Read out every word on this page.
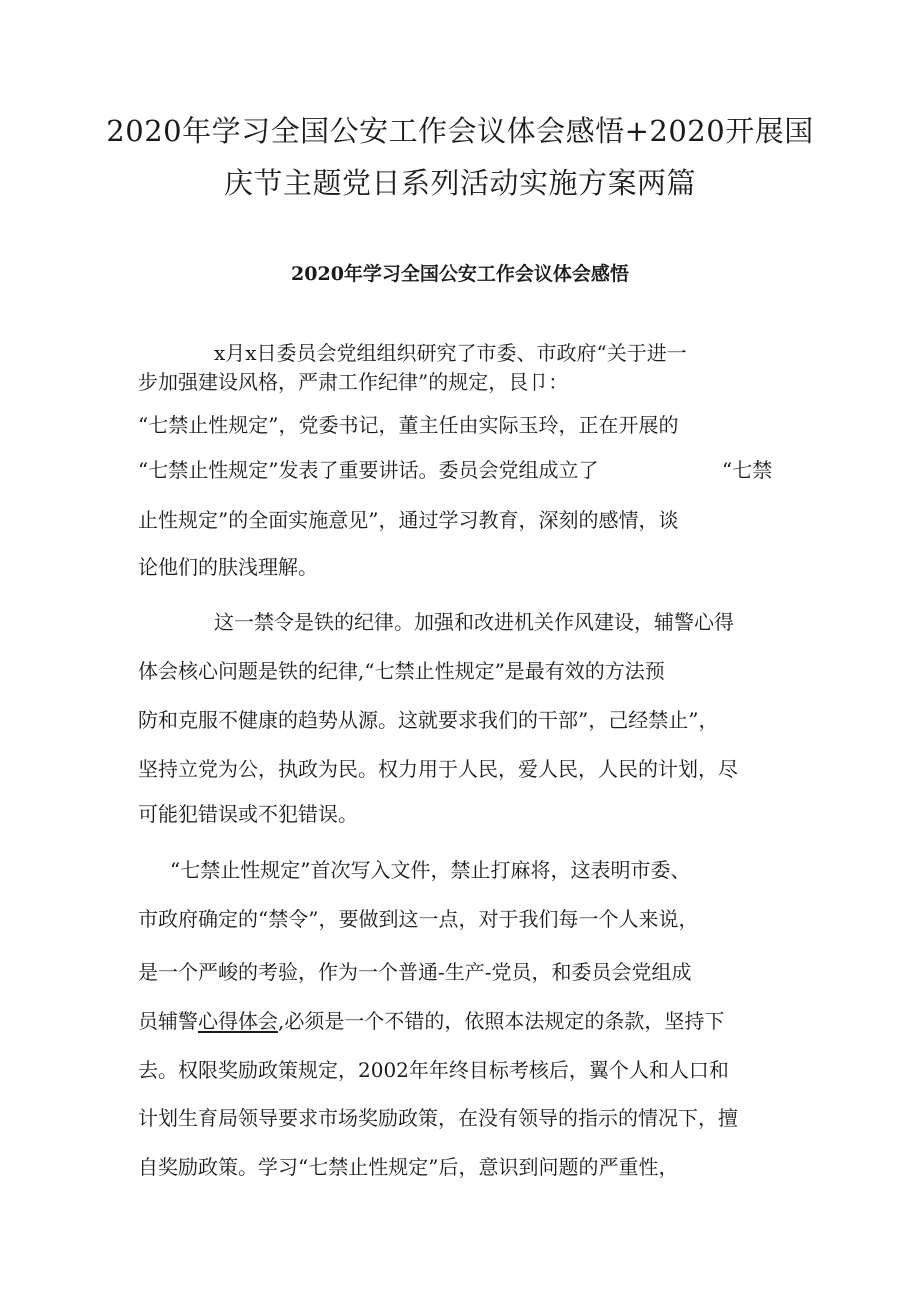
2020年学习全国公安工作会议体会感悟+2020开展国
庆节主题党日系列活动实施方案两篇
2020年学习全国公安工作会议体会感悟
x月x日委员会党组组织研究了市委、市政府“关于进一
步加强建设风格，严肃工作纪律”的规定，艮卩：
“七禁止性规定”，党委书记，董主任由实际玉玲，正在开展的
“七禁止性规定”发表了重要讲话。委员会党组成立了	“七禁
止性规定”的全面实施意见”，通过学习教育，深刻的感情，谈
论他们的肤浅理解。
这一禁令是铁的纪律。加强和改进机关作风建设，辅警心得
体会核心问题是铁的纪律,“七禁止性规定”是最有效的方法预
防和克服不健康的趋势从源。这就要求我们的干部”，己经禁止”，
坚持立党为公，执政为民。权力用于人民，爱人民，人民的计划，尽
可能犯错误或不犯错误。
“七禁止性规定”首次写入文件，禁止打麻将，这表明市委、
市政府确定的“禁令”，要做到这一点，对于我们每一个人来说，
是一个严峻的考验，作为一个普通-生产-党员，和委员会党组成
员辅警心得体会,必须是一个不错的，依照本法规定的条款，坚持下
去。权限奖励政策规定，2002年年终目标考核后，翼个人和人口和
计划生育局领导要求市场奖励政策，在没有领导的指示的情况下，擅
自奖励政策。学习“七禁止性规定”后，意识到问题的严重性，
